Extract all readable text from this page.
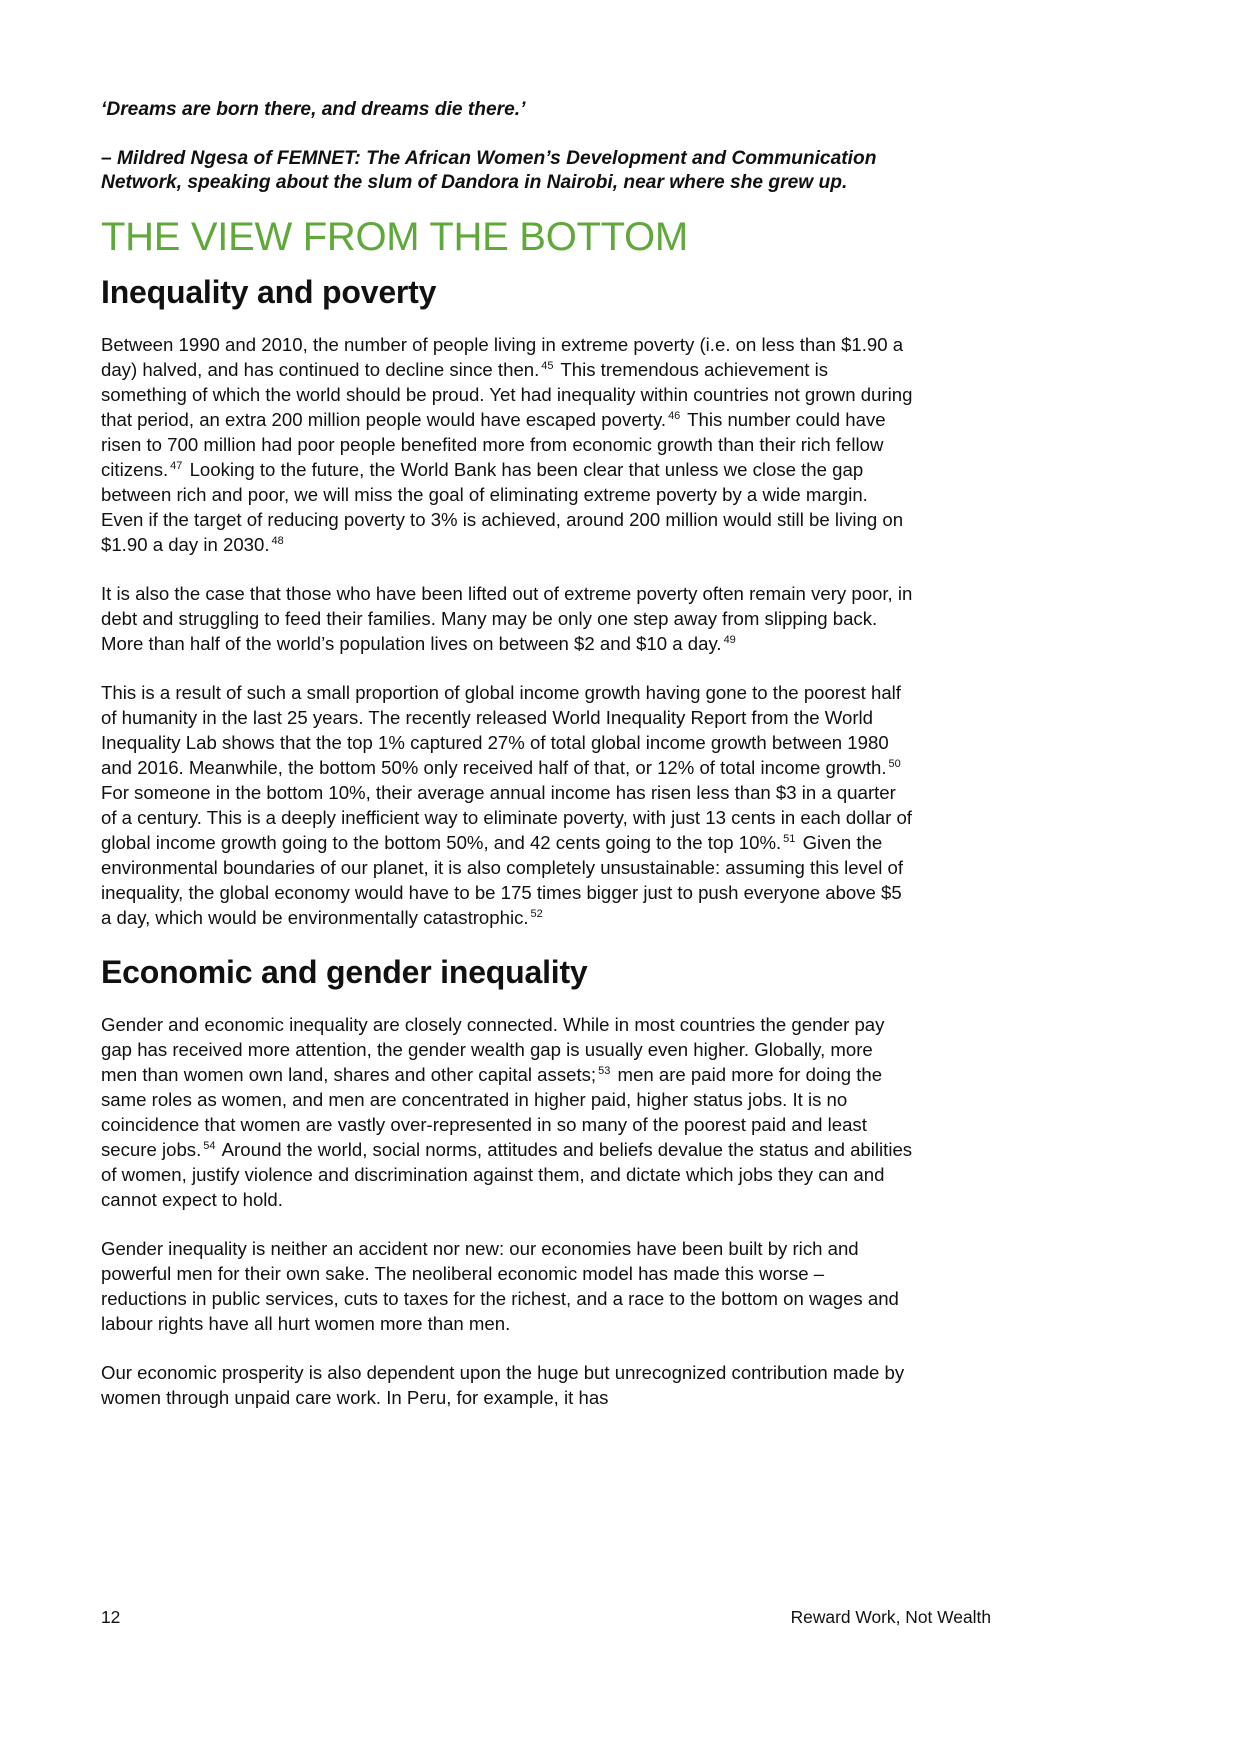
‘Dreams are born there, and dreams die there.’

– Mildred Ngesa of FEMNET: The African Women’s Development and Communication Network, speaking about the slum of Dandora in Nairobi, near where she grew up.

THE VIEW FROM THE BOTTOM
Inequality and poverty

Between 1990 and 2010, the number of people living in extreme poverty (i.e. on less than $1.90 a day) halved, and has continued to decline since then. $^{45}$ This tremendous achievement is something of which the world should be proud. Yet had inequality within countries not grown during that period, an extra 200 million people would have escaped poverty. $^{46}$ This number could have risen to 700 million had poor people benefited more from economic growth than their rich fellow citizens. $^{47}$ Looking to the future, the World Bank has been clear that unless we close the gap between rich and poor, we will miss the goal of eliminating extreme poverty by a wide margin. Even if the target of reducing poverty to 3% is achieved, around 200 million would still be living on $1.90 a day in 2030. $^{48}$

It is also the case that those who have been lifted out of extreme poverty often remain very poor, in debt and struggling to feed their families. Many may be only one step away from slipping back. More than half of the world’s population lives on between $2 and $10 a day. $^{49}$

This is a result of such a small proportion of global income growth having gone to the poorest half of humanity in the last 25 years. The recently released World Inequality Report from the World Inequality Lab shows that the top 1% captured 27% of total global income growth between 1980 and 2016. Meanwhile, the bottom 50% only received half of that, or 12% of total income growth. $^{50}$ For someone in the bottom 10%, their average annual income has risen less than $3 in a quarter of a century. This is a deeply inefficient way to eliminate poverty, with just 13 cents in each dollar of global income growth going to the bottom 50%, and 42 cents going to the top 10%. $^{51}$ Given the environmental boundaries of our planet, it is also completely unsustainable: assuming this level of inequality, the global economy would have to be 175 times bigger just to push everyone above $5 a day, which would be environmentally catastrophic. $^{52}$

Economic and gender inequality

Gender and economic inequality are closely connected. While in most countries the gender pay gap has received more attention, the gender wealth gap is usually even higher. Globally, more men than women own land, shares and other capital assets; $^{53}$ men are paid more for doing the same roles as women, and men are concentrated in higher paid, higher status jobs. It is no coincidence that women are vastly over-represented in so many of the poorest paid and least secure jobs. $^{54}$ Around the world, social norms, attitudes and beliefs devalue the status and abilities of women, justify violence and discrimination against them, and dictate which jobs they can and cannot expect to hold.

Gender inequality is neither an accident nor new: our economies have been built by rich and powerful men for their own sake. The neoliberal economic model has made this worse – reductions in public services, cuts to taxes for the richest, and a race to the bottom on wages and labour rights have all hurt women more than men.

Our economic prosperity is also dependent upon the huge but unrecognized contribution made by women through unpaid care work. In Peru, for example, it has

12	Reward Work, Not Wealth
